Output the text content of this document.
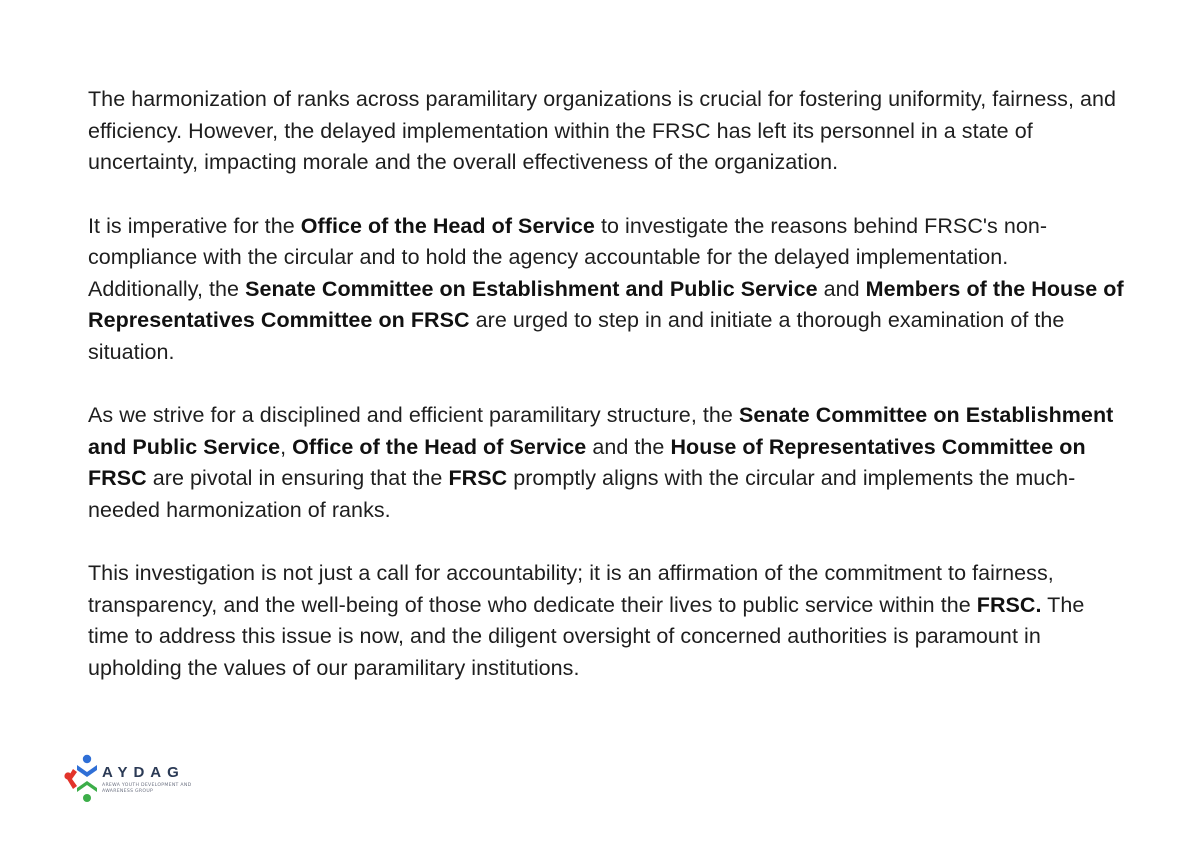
The harmonization of ranks across paramilitary organizations is crucial for fostering uniformity, fairness, and efficiency. However, the delayed implementation within the FRSC has left its personnel in a state of uncertainty, impacting morale and the overall effectiveness of the organization.

It is imperative for the Office of the Head of Service to investigate the reasons behind FRSC's non-compliance with the circular and to hold the agency accountable for the delayed implementation. Additionally, the Senate Committee on Establishment and Public Service and Members of the House of Representatives Committee on FRSC are urged to step in and initiate a thorough examination of the situation.

As we strive for a disciplined and efficient paramilitary structure, the Senate Committee on Establishment and Public Service, Office of the Head of Service and the House of Representatives Committee on FRSC are pivotal in ensuring that the FRSC promptly aligns with the circular and implements the much-needed harmonization of ranks.

This investigation is not just a call for accountability; it is an affirmation of the commitment to fairness, transparency, and the well-being of those who dedicate their lives to public service within the FRSC. The time to address this issue is now, and the diligent oversight of concerned authorities is paramount in upholding the values of our paramilitary institutions.

AYDAG
AREWA YOUTH DEVELOPMENT AND AWARENESS GROUP
